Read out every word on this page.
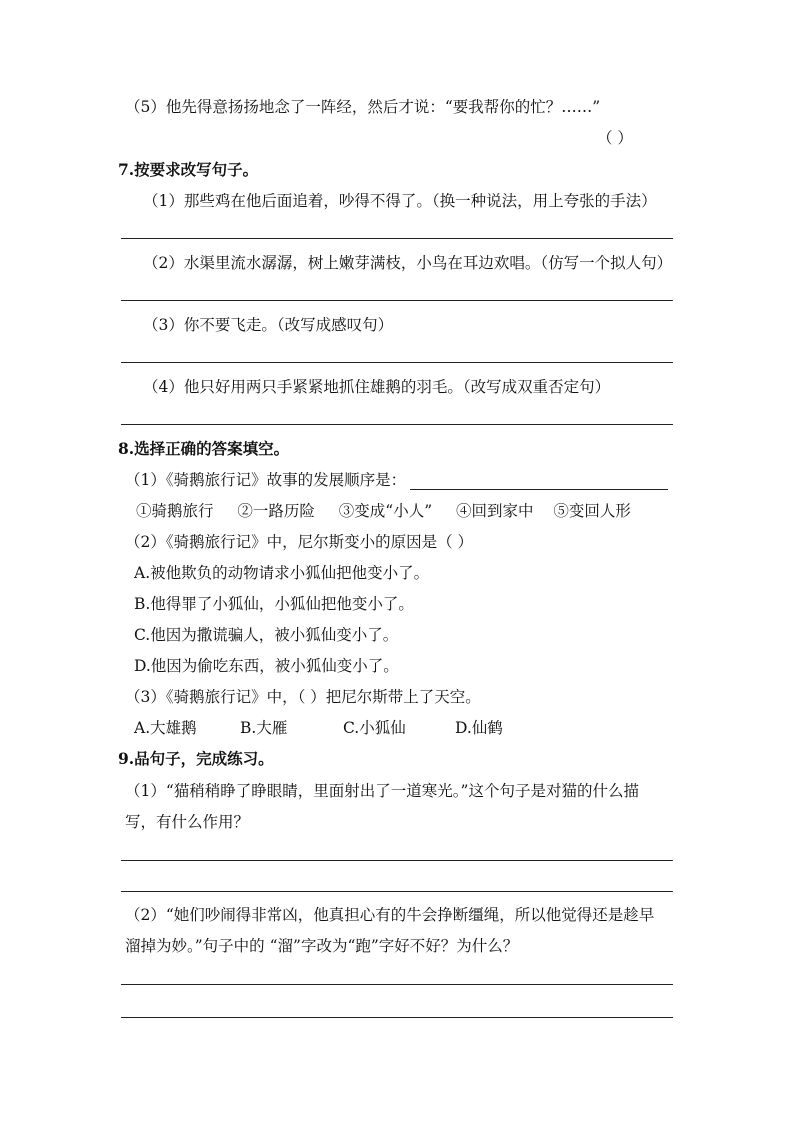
（5）他先得意扬扬地念了一阵经，然后才说：“要我帮你的忙？……”
（ ）
7.按要求改写句子。
（1）那些鸡在他后面追着，吵得不得了。（换一种说法，用上夸张的手法）
（2）水渠里流水潺潺，树上嫩芽满枝，小鸟在耳边欢唱。（仿写一个拟人句）
（3）你不要飞走。（改写成感叹句）
（4）他只好用两只手紧紧地抓住雄鹅的羽毛。（改写成双重否定句）
8.选择正确的答案填空。
（1）《骑鹅旅行记》故事的发展顺序是：
①骑鹅旅行 ②一路历险 ③变成“小人” ④回到家中 ⑤变回人形
（2）《骑鹅旅行记》中，尼尔斯变小的原因是（ ）
A.被他欺负的动物请求小狐仙把他变小了。
B.他得罪了小狐仙，小狐仙把他变小了。
C.他因为撒谎骗人，被小狐仙变小了。
D.他因为偷吃东西，被小狐仙变小了。
（3）《骑鹅旅行记》中，（ ）把尼尔斯带上了天空。
A.大雄鹅	B.大雁	C.小狐仙	D.仙鹤
9.品句子，完成练习。
（1）“猫稍稍睁了睁眼睛，里面射出了一道寒光。”这个句子是对猫的什么描
写，有什么作用？
（2）“她们吵闹得非常凶，他真担心有的牛会挣断缰绳，所以他觉得还是趁早
溜掉为妙。”句子中的 “溜”字改为“跑”字好不好？为什么？
